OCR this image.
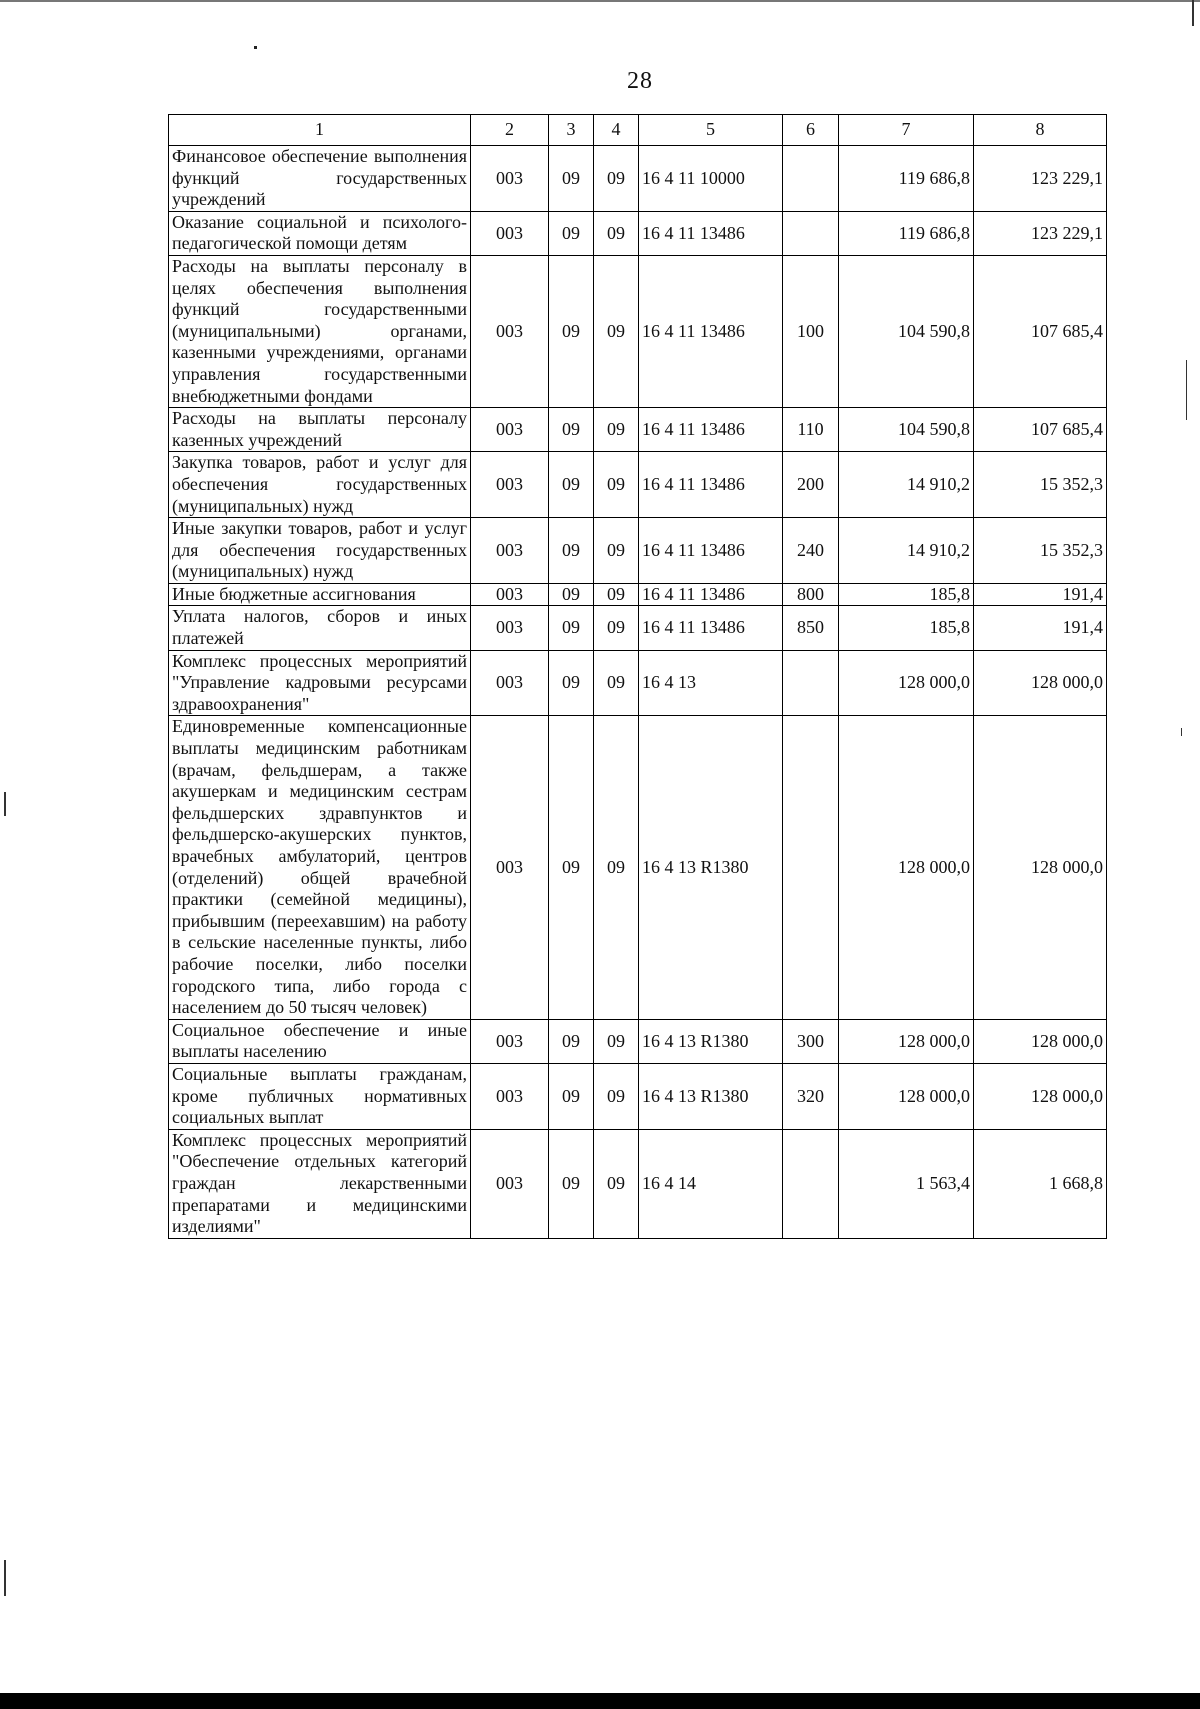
28
1	2	3	4	5	6	7	8
Финансовое обеспечение выполнения функций государственных учреждений	003	09	09	16 4 11 10000		119 686,8	123 229,1
Оказание социальной и психолого-педагогической помощи детям	003	09	09	16 4 11 13486		119 686,8	123 229,1
Расходы на выплаты персоналу в целях обеспечения выполнения функций государственными (муниципальными) органами, казенными учреждениями, органами управления государственными внебюджетными фондами	003	09	09	16 4 11 13486	100	104 590,8	107 685,4
Расходы на выплаты персоналу казенных учреждений	003	09	09	16 4 11 13486	110	104 590,8	107 685,4
Закупка товаров, работ и услуг для обеспечения государственных (муниципальных) нужд	003	09	09	16 4 11 13486	200	14 910,2	15 352,3
Иные закупки товаров, работ и услуг для обеспечения государственных (муниципальных) нужд	003	09	09	16 4 11 13486	240	14 910,2	15 352,3
Иные бюджетные ассигнования	003	09	09	16 4 11 13486	800	185,8	191,4
Уплата налогов, сборов и иных платежей	003	09	09	16 4 11 13486	850	185,8	191,4
Комплекс процессных мероприятий "Управление кадровыми ресурсами здравоохранения"	003	09	09	16 4 13		128 000,0	128 000,0
Единовременные компенсационные выплаты медицинским работникам (врачам, фельдшерам, а также акушеркам и медицинским сестрам фельдшерских здравпунктов и фельдшерско-акушерских пунктов, врачебных амбулаторий, центров (отделений) общей врачебной практики (семейной медицины), прибывшим (переехавшим) на работу в сельские населенные пункты, либо рабочие поселки, либо поселки городского типа, либо города с населением до 50 тысяч человек)	003	09	09	16 4 13 R1380		128 000,0	128 000,0
Социальное обеспечение и иные выплаты населению	003	09	09	16 4 13 R1380	300	128 000,0	128 000,0
Социальные выплаты гражданам, кроме публичных нормативных социальных выплат	003	09	09	16 4 13 R1380	320	128 000,0	128 000,0
Комплекс процессных мероприятий "Обеспечение отдельных категорий граждан лекарственными препаратами и медицинскими изделиями"	003	09	09	16 4 14		1 563,4	1 668,8
